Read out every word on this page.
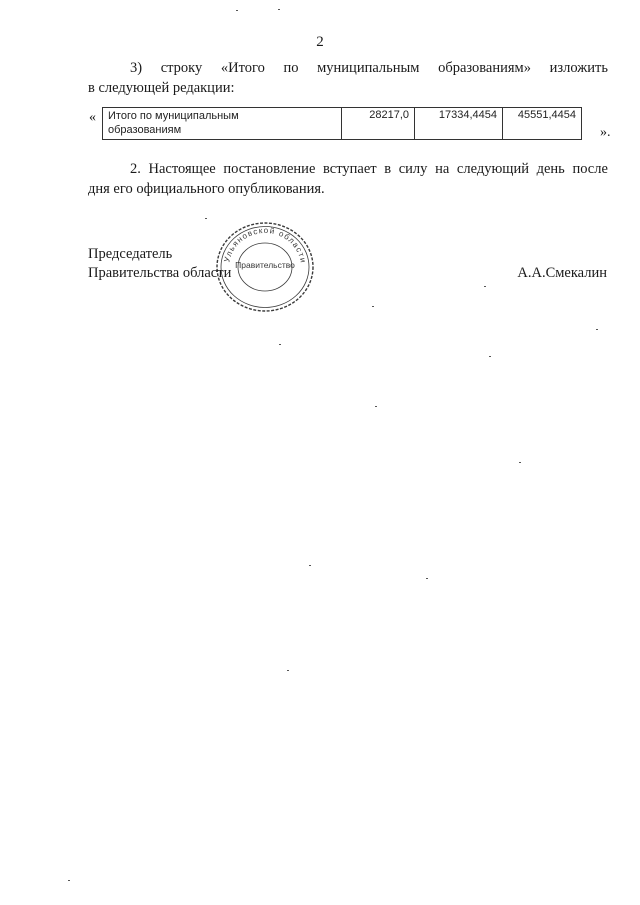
2
3) строку «Итого по муниципальным образованиям» изложить
в следующей редакции:
« Итого по муниципальным
образованиям
	28217,0	17334,4454	45551,4454
».
2. Настоящее постановление вступает в силу на следующий день после
дня его официального опубликования.
Ульяновской области
Правительство
Председатель
Правительства области	А.А.Смекалин
